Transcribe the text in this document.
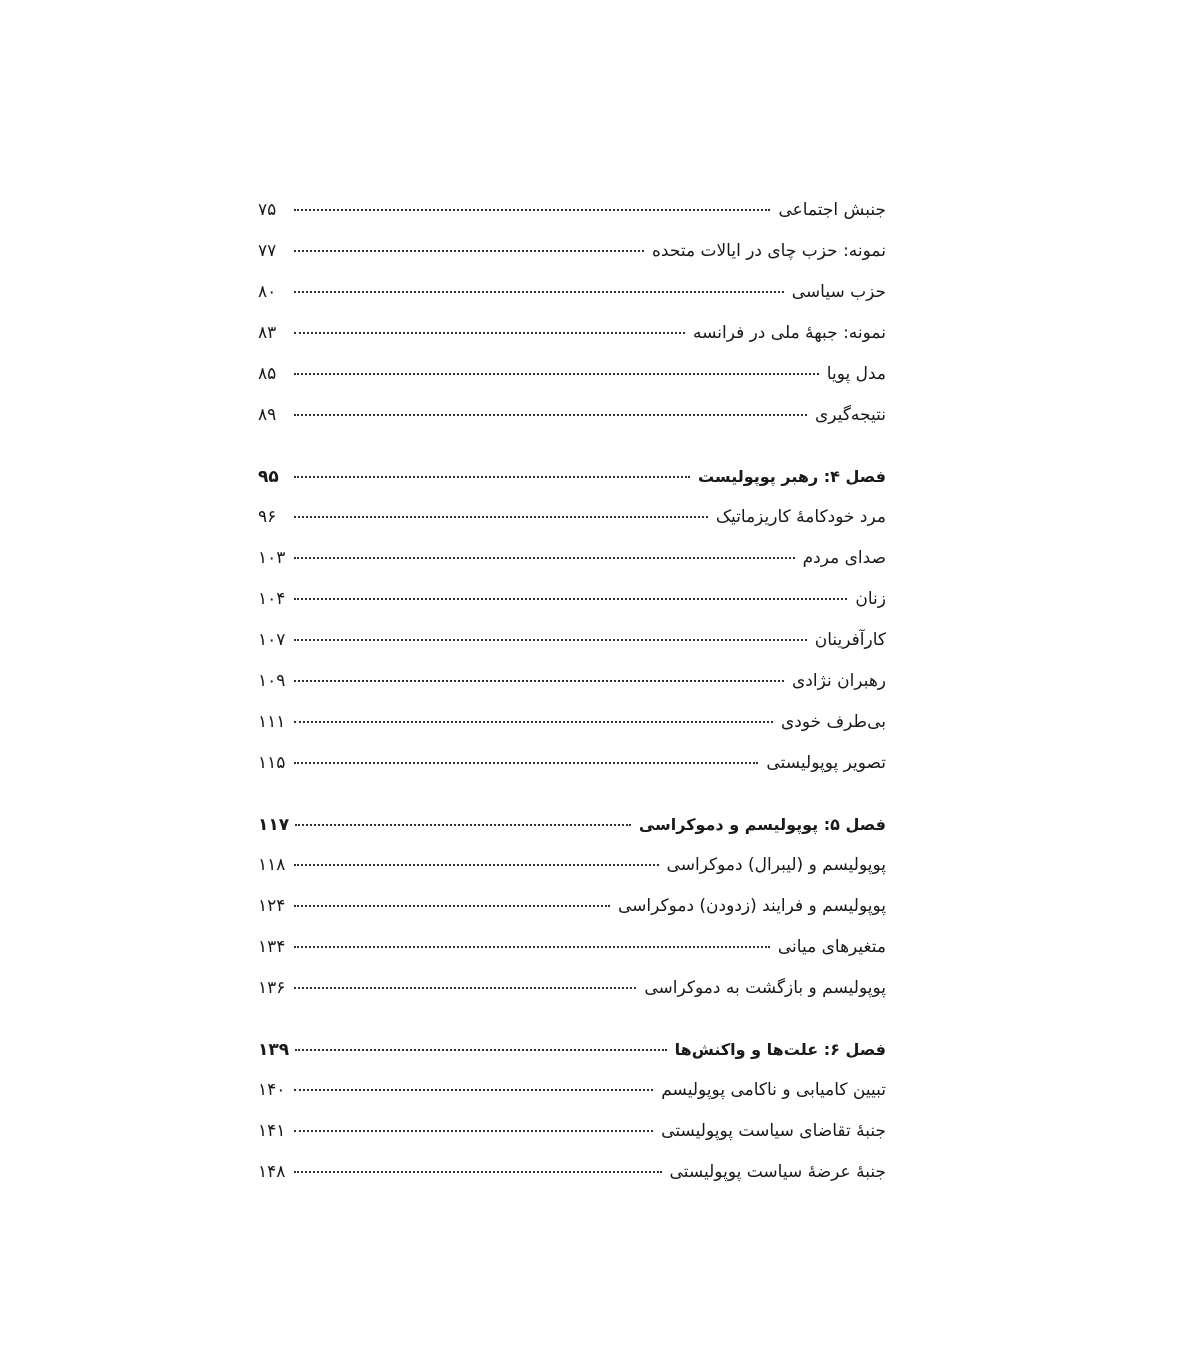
جنبش اجتماعی
۷۵
نمونه: حزب چای در ایالات متحده
۷۷
حزب سیاسی
۸۰
نمونه: جبههٔ ملی در فرانسه
۸۳
مدل پویا
۸۵
نتیجه‌گیری
۸۹
فصل ۴: رهبر پوپولیست
۹۵
مرد خودکامهٔ کاریزماتیک
۹۶
صدای مردم
۱۰۳
زنان
۱۰۴
کارآفرینان
۱۰۷
رهبران نژادی
۱۰۹
بی‌طرف خودی
۱۱۱
تصویر پوپولیستی
۱۱۵
فصل ۵: پوپولیسم و دموکراسی
۱۱۷
پوپولیسم و (لیبرال) دموکراسی
۱۱۸
پوپولیسم و فرایند (زدودن) دموکراسی
۱۲۴
متغیرهای میانی
۱۳۴
پوپولیسم و بازگشت به دموکراسی
۱۳۶
فصل ۶: علت‌ها و واکنش‌ها
۱۳۹
تبیین کامیابی و ناکامی پوپولیسم
۱۴۰
جنبهٔ تقاضای سیاست پوپولیستی
۱۴۱
جنبهٔ عرضهٔ سیاست پوپولیستی
۱۴۸
